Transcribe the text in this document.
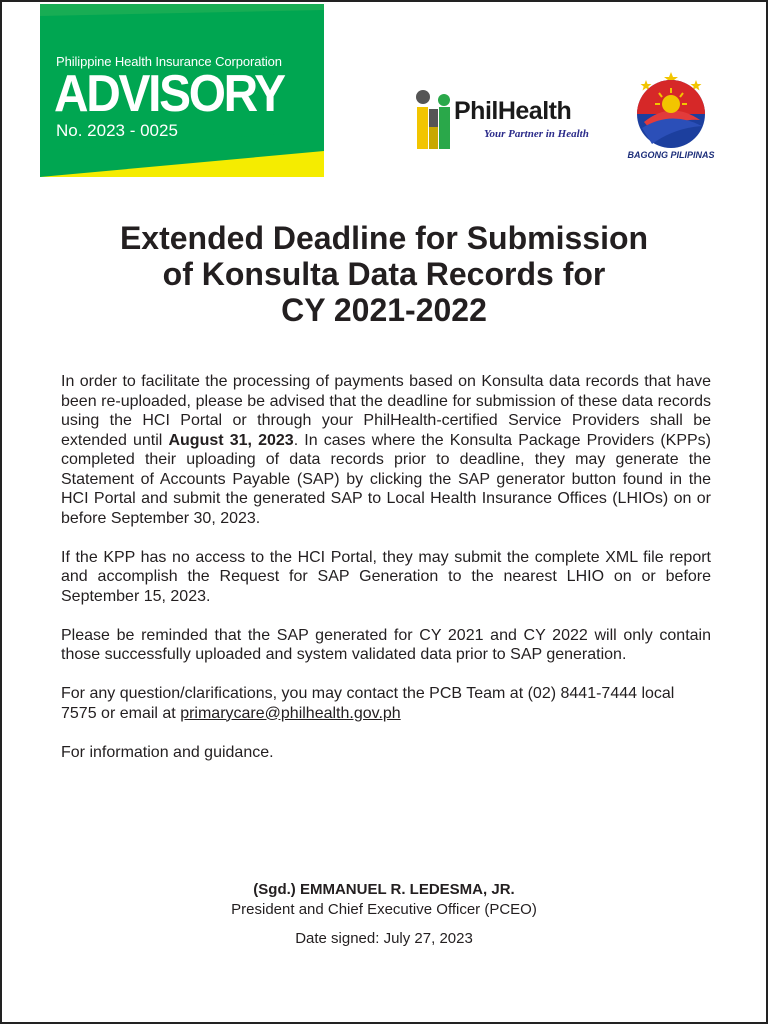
Philippine Health Insurance Corporation
ADVISORY
No. 2023 - 0025
PhilHealth
Your Partner in Health
BAGONG PILIPINAS
Extended Deadline for Submission
of Konsulta Data Records for
CY 2021-2022

In order to facilitate the processing of payments based on Konsulta data records that have been re-uploaded, please be advised that the deadline for submission of these data records using the HCI Portal or through your PhilHealth-certified Service Providers shall be extended until August 31, 2023. In cases where the Konsulta Package Providers (KPPs) completed their uploading of data records prior to deadline, they may generate the Statement of Accounts Payable (SAP) by clicking the SAP generator button found in the HCI Portal and submit the generated SAP to Local Health Insurance Offices (LHIOs) on or before September 30, 2023.

If the KPP has no access to the HCI Portal, they may submit the complete XML file report and accomplish the Request for SAP Generation to the nearest LHIO on or before September 15, 2023.

Please be reminded that the SAP generated for CY 2021 and CY 2022 will only contain those successfully uploaded and system validated data prior to SAP generation.

For any question/clarifications, you may contact the PCB Team at (02) 8441-7444 local 7575 or email at primarycare@philhealth.gov.ph

For information and guidance.

(Sgd.) EMMANUEL R. LEDESMA, JR.
President and Chief Executive Officer (PCEO)
Date signed: July 27, 2023
